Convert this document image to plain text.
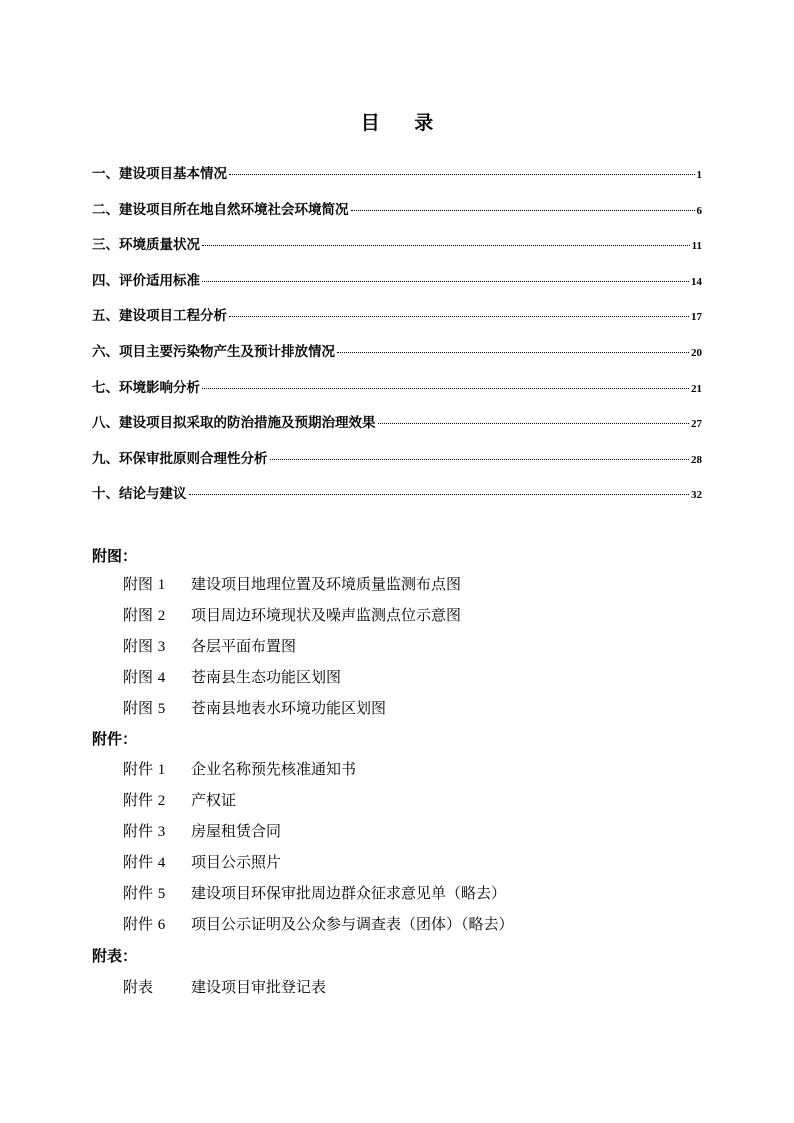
目 录
一、建设项目基本情况	1
二、建设项目所在地自然环境社会环境简况	6
三、环境质量状况	11
四、评价适用标准	14
五、建设项目工程分析	17
六、项目主要污染物产生及预计排放情况	20
七、环境影响分析	21
八、建设项目拟采取的防治措施及预期治理效果	27
九、环保审批原则合理性分析	28
十、结论与建议	32
附图：
附图 1 建设项目地理位置及环境质量监测布点图
附图 2 项目周边环境现状及噪声监测点位示意图
附图 3 各层平面布置图
附图 4 苍南县生态功能区划图
附图 5 苍南县地表水环境功能区划图
附件：
附件 1 企业名称预先核准通知书
附件 2 产权证
附件 3 房屋租赁合同
附件 4 项目公示照片
附件 5 建设项目环保审批周边群众征求意见单（略去）
附件 6 项目公示证明及公众参与调查表（团体）（略去）
附表：
附表	建设项目审批登记表
